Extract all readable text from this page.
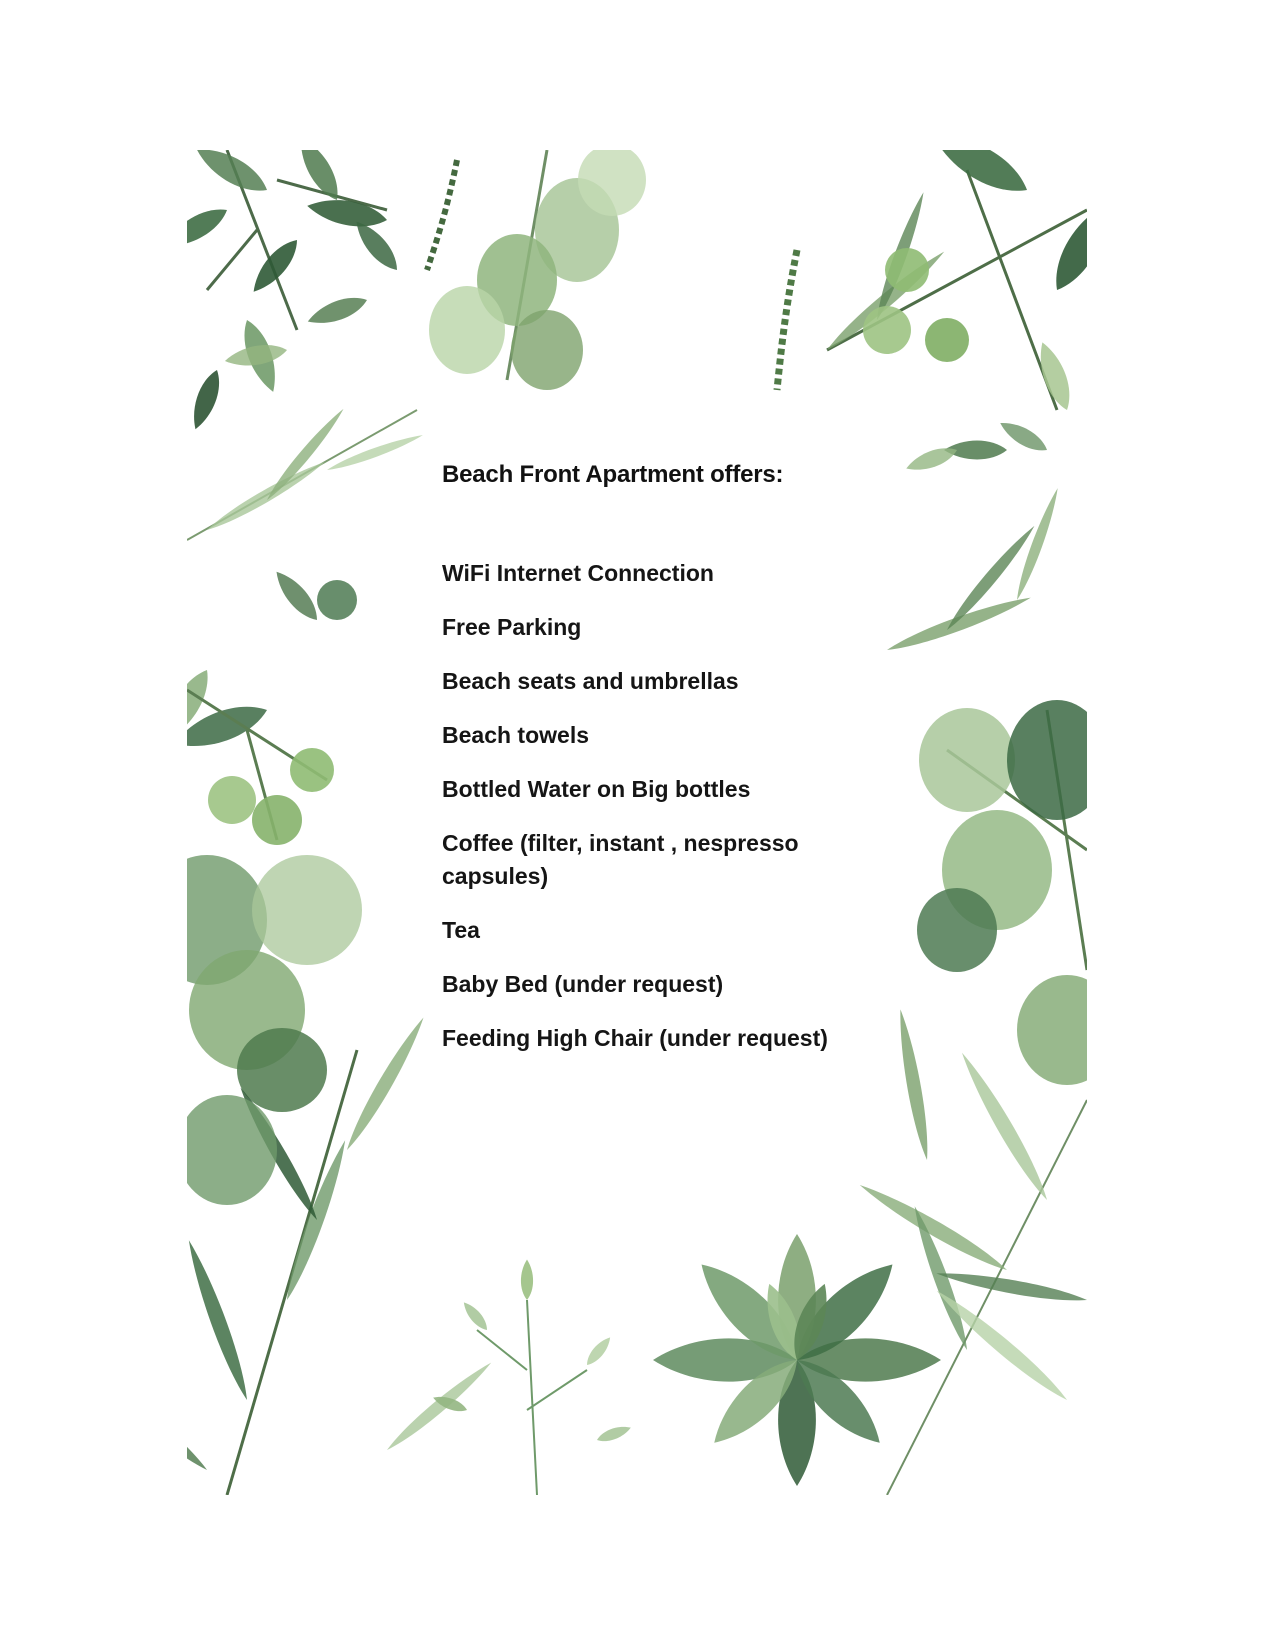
Beach Front Apartment offers:
WiFi Internet Connection
Free Parking
Beach seats and umbrellas
Beach towels
Bottled Water on Big bottles
Coffee (filter, instant , nespresso capsules)
Tea
Baby Bed (under request)
Feeding High Chair (under request)
